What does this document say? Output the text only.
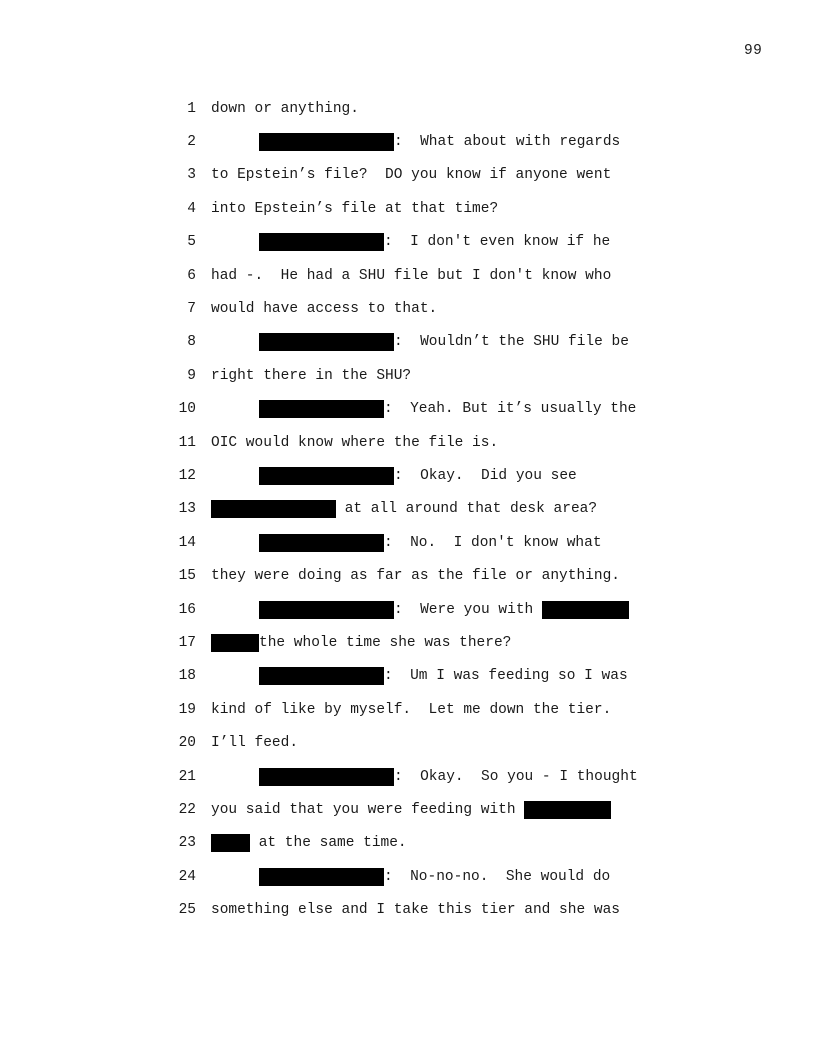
99
1 down or anything.
2	:  What about with regards
3 to Epstein’s file?  DO you know if anyone went
4 into Epstein’s file at that time?
5	:  I don't even know if he
6 had -.  He had a SHU file but I don't know who
7 would have access to that.
8	:  Wouldn’t the SHU file be
9 right there in the SHU?
10	:  Yeah. But it’s usually the
11 OIC would know where the file is.
12	:  Okay.  Did you see
13	at all around that desk area?
14	:  No.  I don't know what
15 they were doing as far as the file or anything.
16	:  Were you with
17	the whole time she was there?
18	:  Um I was feeding so I was
19 kind of like by myself.  Let me down the tier.
20 I’ll feed.
21	:  Okay.  So you - I thought
22 you said that you were feeding with
23	at the same time.
24	:  No-no-no.  She would do
25 something else and I take this tier and she was
